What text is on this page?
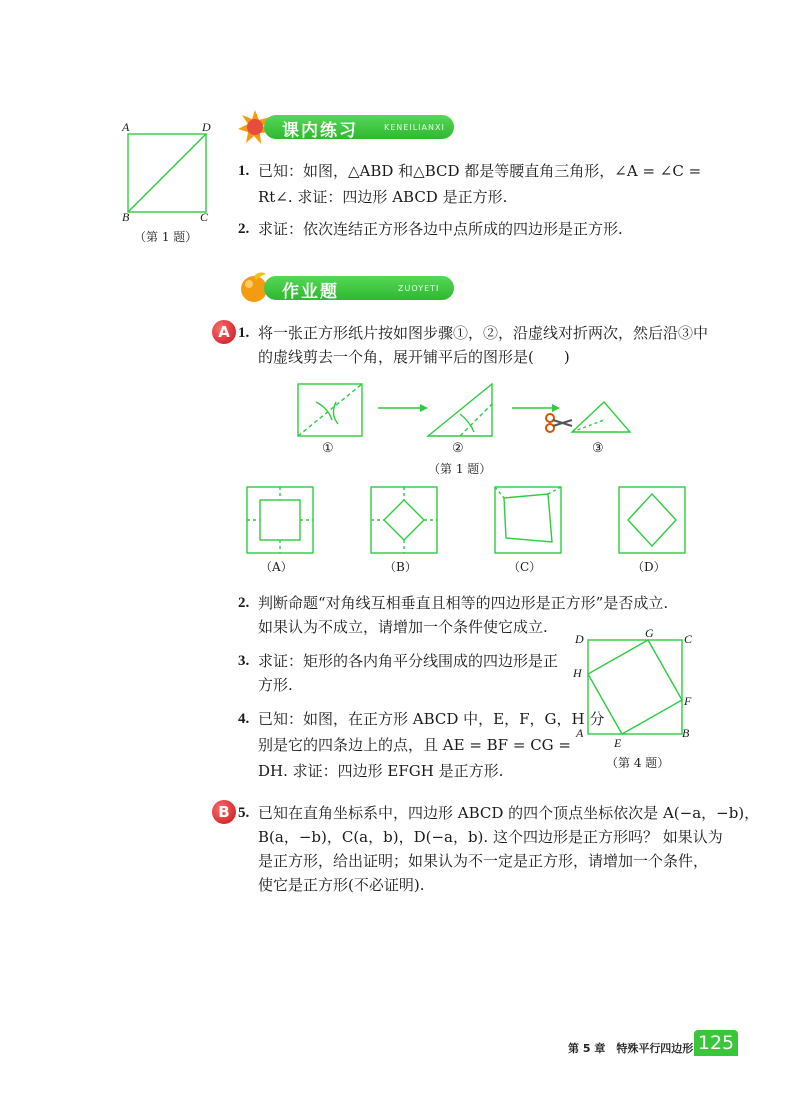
课内练习	KENEILIANXI
A	D
B	C
（第 1 题）
1. 已知：如图，△ABD 和△BCD 都是等腰直角三角形，∠A = ∠C =
Rt∠. 求证：四边形 ABCD 是正方形.
2. 求证：依次连结正方形各边中点所成的四边形是正方形.
作业题	ZUOYETI
A 1. 将一张正方形纸片按如图步骤①，②，沿虚线对折两次，然后沿③中
的虚线剪去一个角，展开铺平后的图形是(　　)
①	②	③
（第 1 题）
（A）	（B）	（C）	（D）
2. 判断命题“对角线互相垂直且相等的四边形是正方形”是否成立.
如果认为不成立，请增加一个条件使它成立.
3. 求证：矩形的各内角平分线围成的四边形是正
方形.
4. 已知：如图，在正方形 ABCD 中，E，F，G，H 分
别是它的四条边上的点，且 AE = BF = CG =
DH. 求证：四边形 EFGH 是正方形.
D	G	C
H
F
A
E
B
（第 4 题）
B 5. 已知在直角坐标系中，四边形 ABCD 的四个顶点坐标依次是 A(−a，−b)，
B(a，−b)，C(a，b)，D(−a，b). 这个四边形是正方形吗？ 如果认为
是正方形，给出证明；如果认为不一定是正方形，请增加一个条件，
使它是正方形(不必证明).
第 5 章　特殊平行四边形 125
